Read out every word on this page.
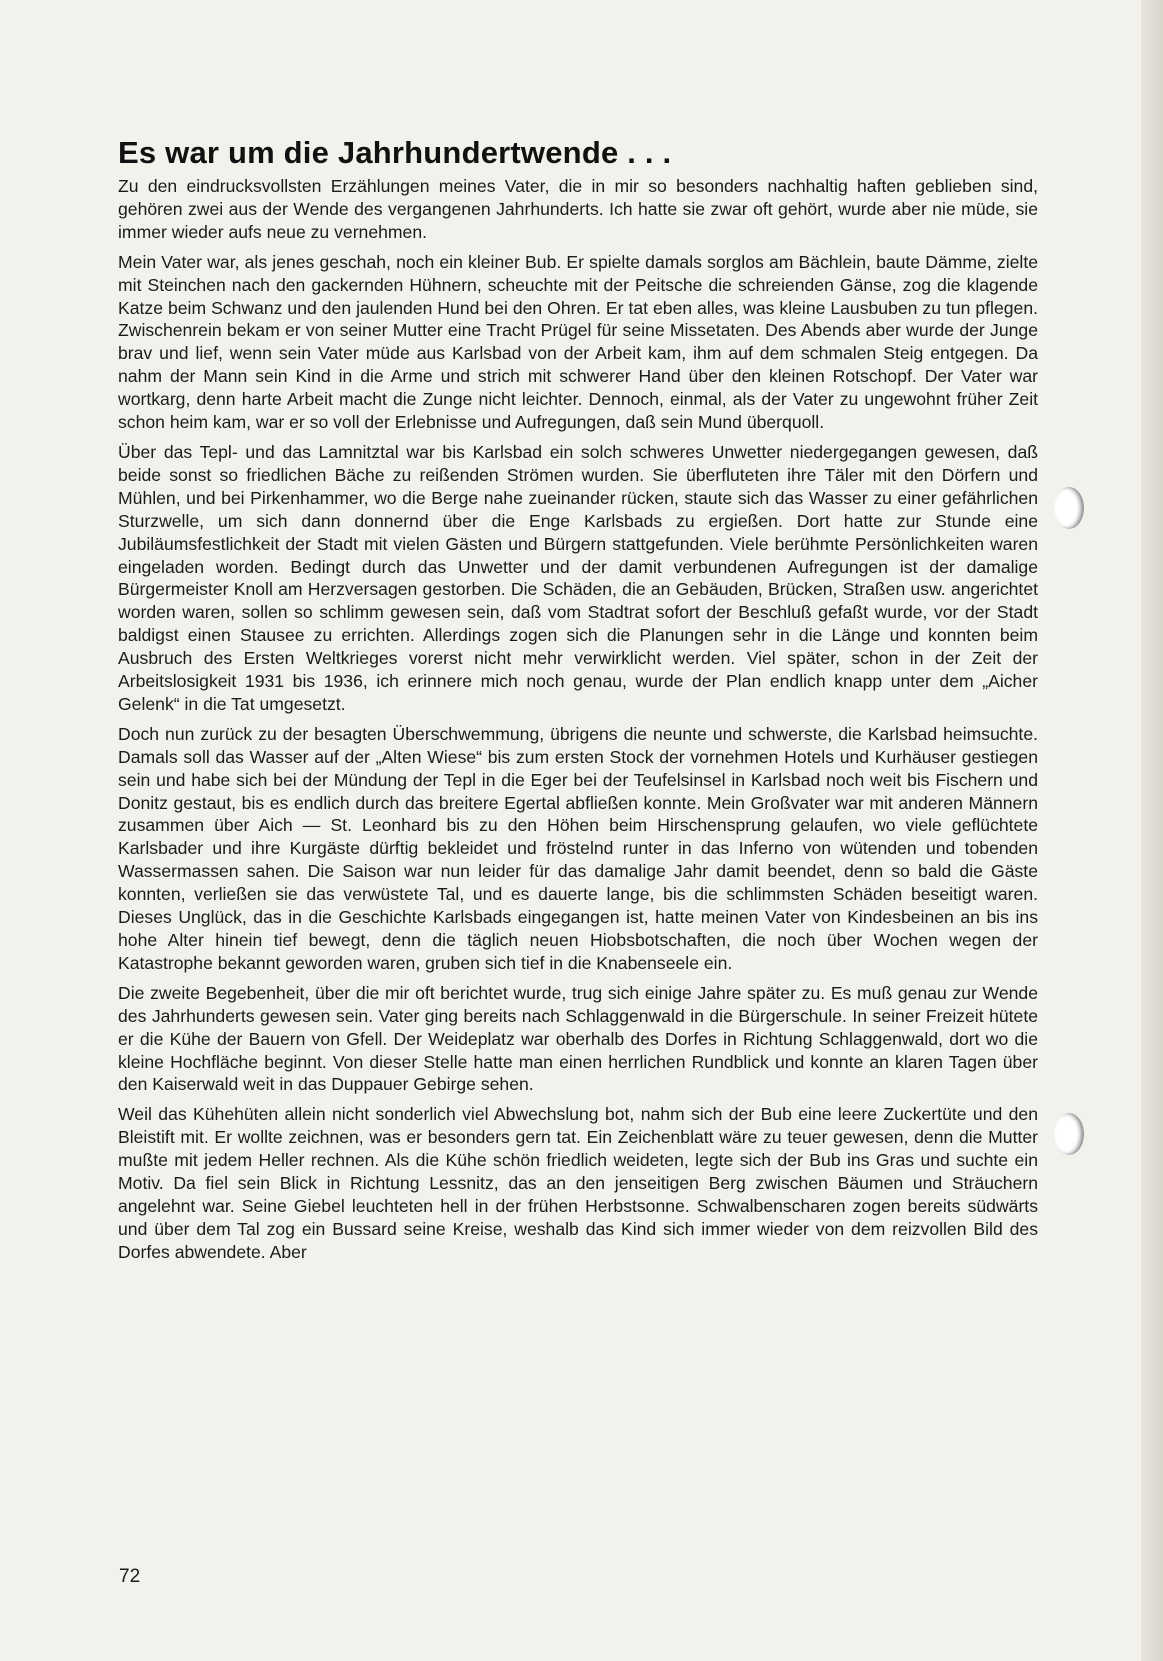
Es war um die Jahrhundertwende . . .

Zu den eindrucksvollsten Erzählungen meines Vater, die in mir so besonders nachhaltig haften geblieben sind, gehören zwei aus der Wende des vergangenen Jahrhunderts. Ich hatte sie zwar oft gehört, wurde aber nie müde, sie immer wieder aufs neue zu vernehmen.

Mein Vater war, als jenes geschah, noch ein kleiner Bub. Er spielte damals sorglos am Bächlein, baute Dämme, zielte mit Steinchen nach den gackernden Hühnern, scheuchte mit der Peitsche die schreienden Gänse, zog die klagende Katze beim Schwanz und den jaulenden Hund bei den Ohren. Er tat eben alles, was kleine Lausbuben zu tun pflegen. Zwischenrein bekam er von seiner Mutter eine Tracht Prügel für seine Missetaten. Des Abends aber wurde der Junge brav und lief, wenn sein Vater müde aus Karlsbad von der Arbeit kam, ihm auf dem schmalen Steig entgegen. Da nahm der Mann sein Kind in die Arme und strich mit schwerer Hand über den kleinen Rotschopf. Der Vater war wortkarg, denn harte Arbeit macht die Zunge nicht leichter. Dennoch, einmal, als der Vater zu ungewohnt früher Zeit schon heim kam, war er so voll der Erlebnisse und Aufregungen, daß sein Mund überquoll.

Über das Tepl- und das Lamnitztal war bis Karlsbad ein solch schweres Unwetter niedergegangen gewesen, daß beide sonst so friedlichen Bäche zu reißenden Strömen wurden. Sie überfluteten ihre Täler mit den Dörfern und Mühlen, und bei Pirkenhammer, wo die Berge nahe zueinander rücken, staute sich das Wasser zu einer gefährlichen Sturzwelle, um sich dann donnernd über die Enge Karlsbads zu ergießen. Dort hatte zur Stunde eine Jubiläumsfestlichkeit der Stadt mit vielen Gästen und Bürgern stattgefunden. Viele berühmte Persönlichkeiten waren eingeladen worden. Bedingt durch das Unwetter und der damit verbundenen Aufregungen ist der damalige Bürgermeister Knoll am Herzversagen gestorben. Die Schäden, die an Gebäuden, Brücken, Straßen usw. angerichtet worden waren, sollen so schlimm gewesen sein, daß vom Stadtrat sofort der Beschluß gefaßt wurde, vor der Stadt baldigst einen Stausee zu errichten. Allerdings zogen sich die Planungen sehr in die Länge und konnten beim Ausbruch des Ersten Weltkrieges vorerst nicht mehr verwirklicht werden. Viel später, schon in der Zeit der Arbeitslosigkeit 1931 bis 1936, ich erinnere mich noch genau, wurde der Plan endlich knapp unter dem „Aicher Gelenk“ in die Tat umgesetzt.

Doch nun zurück zu der besagten Überschwemmung, übrigens die neunte und schwerste, die Karlsbad heimsuchte. Damals soll das Wasser auf der „Alten Wiese“ bis zum ersten Stock der vornehmen Hotels und Kurhäuser gestiegen sein und habe sich bei der Mündung der Tepl in die Eger bei der Teufelsinsel in Karlsbad noch weit bis Fischern und Donitz gestaut, bis es endlich durch das breitere Egertal abfließen konnte. Mein Großvater war mit anderen Männern zusammen über Aich — St. Leonhard bis zu den Höhen beim Hirschensprung gelaufen, wo viele geflüchtete Karlsbader und ihre Kurgäste dürftig bekleidet und fröstelnd runter in das Inferno von wütenden und tobenden Wassermassen sahen. Die Saison war nun leider für das damalige Jahr damit beendet, denn so bald die Gäste konnten, verließen sie das verwüstete Tal, und es dauerte lange, bis die schlimmsten Schäden beseitigt waren. Dieses Unglück, das in die Geschichte Karlsbads eingegangen ist, hatte meinen Vater von Kindesbeinen an bis ins hohe Alter hinein tief bewegt, denn die täglich neuen Hiobsbotschaften, die noch über Wochen wegen der Katastrophe bekannt geworden waren, gruben sich tief in die Knabenseele ein.

Die zweite Begebenheit, über die mir oft berichtet wurde, trug sich einige Jahre später zu. Es muß genau zur Wende des Jahrhunderts gewesen sein. Vater ging bereits nach Schlaggenwald in die Bürgerschule. In seiner Freizeit hütete er die Kühe der Bauern von Gfell. Der Weideplatz war oberhalb des Dorfes in Richtung Schlaggenwald, dort wo die kleine Hochfläche beginnt. Von dieser Stelle hatte man einen herrlichen Rundblick und konnte an klaren Tagen über den Kaiserwald weit in das Duppauer Gebirge sehen.

Weil das Kühehüten allein nicht sonderlich viel Abwechslung bot, nahm sich der Bub eine leere Zuckertüte und den Bleistift mit. Er wollte zeichnen, was er besonders gern tat. Ein Zeichenblatt wäre zu teuer gewesen, denn die Mutter mußte mit jedem Heller rechnen. Als die Kühe schön friedlich weideten, legte sich der Bub ins Gras und suchte ein Motiv. Da fiel sein Blick in Richtung Lessnitz, das an den jenseitigen Berg zwischen Bäumen und Sträuchern angelehnt war. Seine Giebel leuchteten hell in der frühen Herbstsonne. Schwalbenscharen zogen bereits südwärts und über dem Tal zog ein Bussard seine Kreise, weshalb das Kind sich immer wieder von dem reizvollen Bild des Dorfes abwendete. Aber

72
